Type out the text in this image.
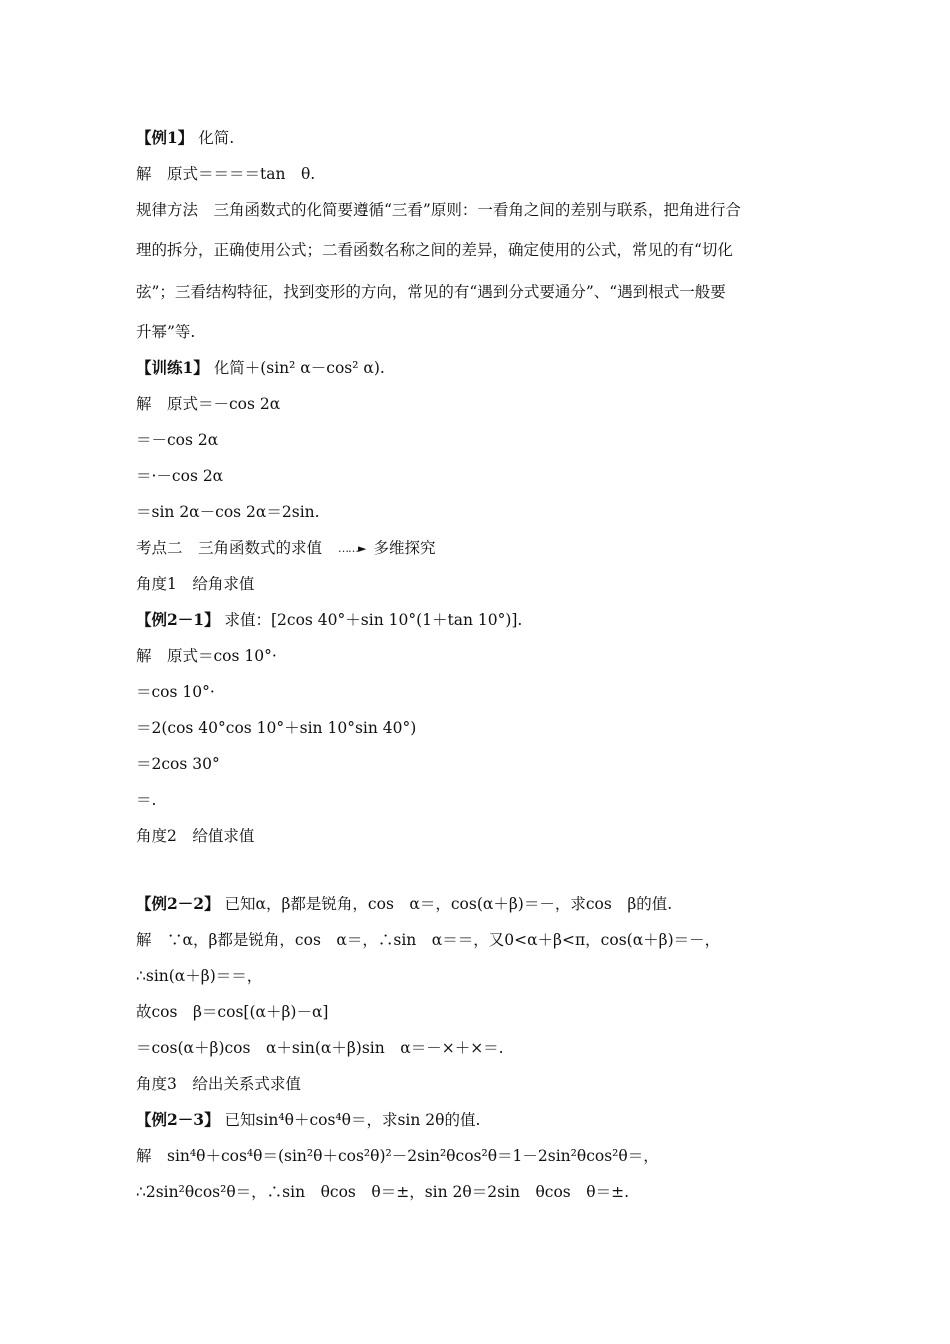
【例1】 化简.
解　原式＝＝＝＝tan　θ.
规律方法　三角函数式的化简要遵循“三看”原则：一看角之间的差别与联系，把角进行合
理的拆分，正确使用公式；二看函数名称之间的差异，确定使用的公式，常见的有“切化
弦”；三看结构特征，找到变形的方向，常见的有“遇到分式要通分”、“遇到根式一般要
升幂”等.
【训练1】 化简＋(sin² α－cos² α).
解　原式＝－cos 2α
＝－cos 2α
＝·－cos 2α
＝sin 2α－cos 2α＝2sin.
考点二　三角函数式的求值 ……► 多维探究
角度1　给角求值
【例2－1】 求值：[2cos 40°＋sin 10°(1＋tan 10°)].
解　原式＝cos 10°·
＝cos 10°·
＝2(cos 40°cos 10°＋sin 10°sin 40°)
＝2cos 30°
＝.
角度2　给值求值
【例2－2】 已知α，β都是锐角，cos　α＝，cos(α＋β)＝－，求cos　β的值.
解　∵α，β都是锐角，cos　α＝，∴sin　α＝＝，又0<α＋β<π，cos(α＋β)＝－，
∴sin(α＋β)＝＝，
故cos　β＝cos[(α＋β)－α]
＝cos(α＋β)cos　α＋sin(α＋β)sin　α＝－×＋×＝.
角度3　给出关系式求值
【例2－3】 已知sin⁴θ＋cos⁴θ＝，求sin 2θ的值.
解　sin⁴θ＋cos⁴θ＝(sin²θ＋cos²θ)²－2sin²θcos²θ＝1－2sin²θcos²θ＝，
∴2sin²θcos²θ＝，∴sin　θcos　θ＝±，sin 2θ＝2sin　θcos　θ＝±.
